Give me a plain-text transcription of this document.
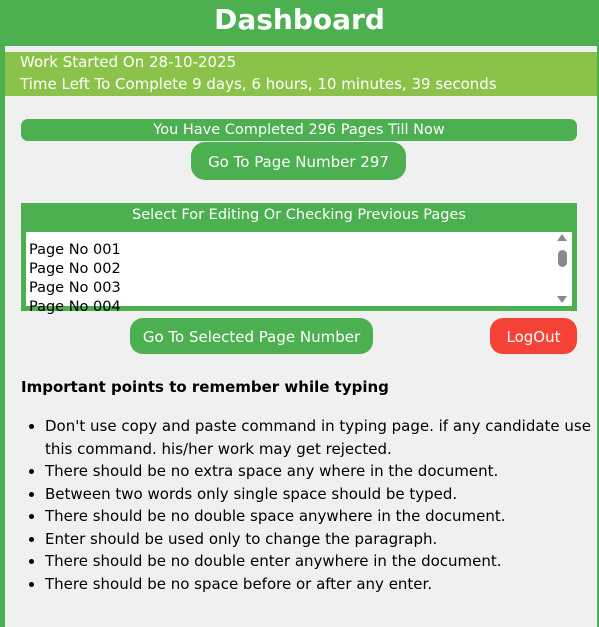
Dashboard
Work Started On 28-10-2025
Time Left To Complete 9 days, 6 hours, 10 minutes, 39 seconds
You Have Completed 296 Pages Till Now
Go To Page Number 297
Select For Editing Or Checking Previous Pages
Page No 001
Page No 002
Page No 003
Page No 004
Go To Selected Page Number	LogOut
Important points to remember while typing
• Don't use copy and paste command in typing page. if any candidate use this command. his/her work may get rejected.
• There should be no extra space any where in the document.
• Between two words only single space should be typed.
• There should be no double space anywhere in the document.
• Enter should be used only to change the paragraph.
• There should be no double enter anywhere in the document.
• There should be no space before or after any enter.
